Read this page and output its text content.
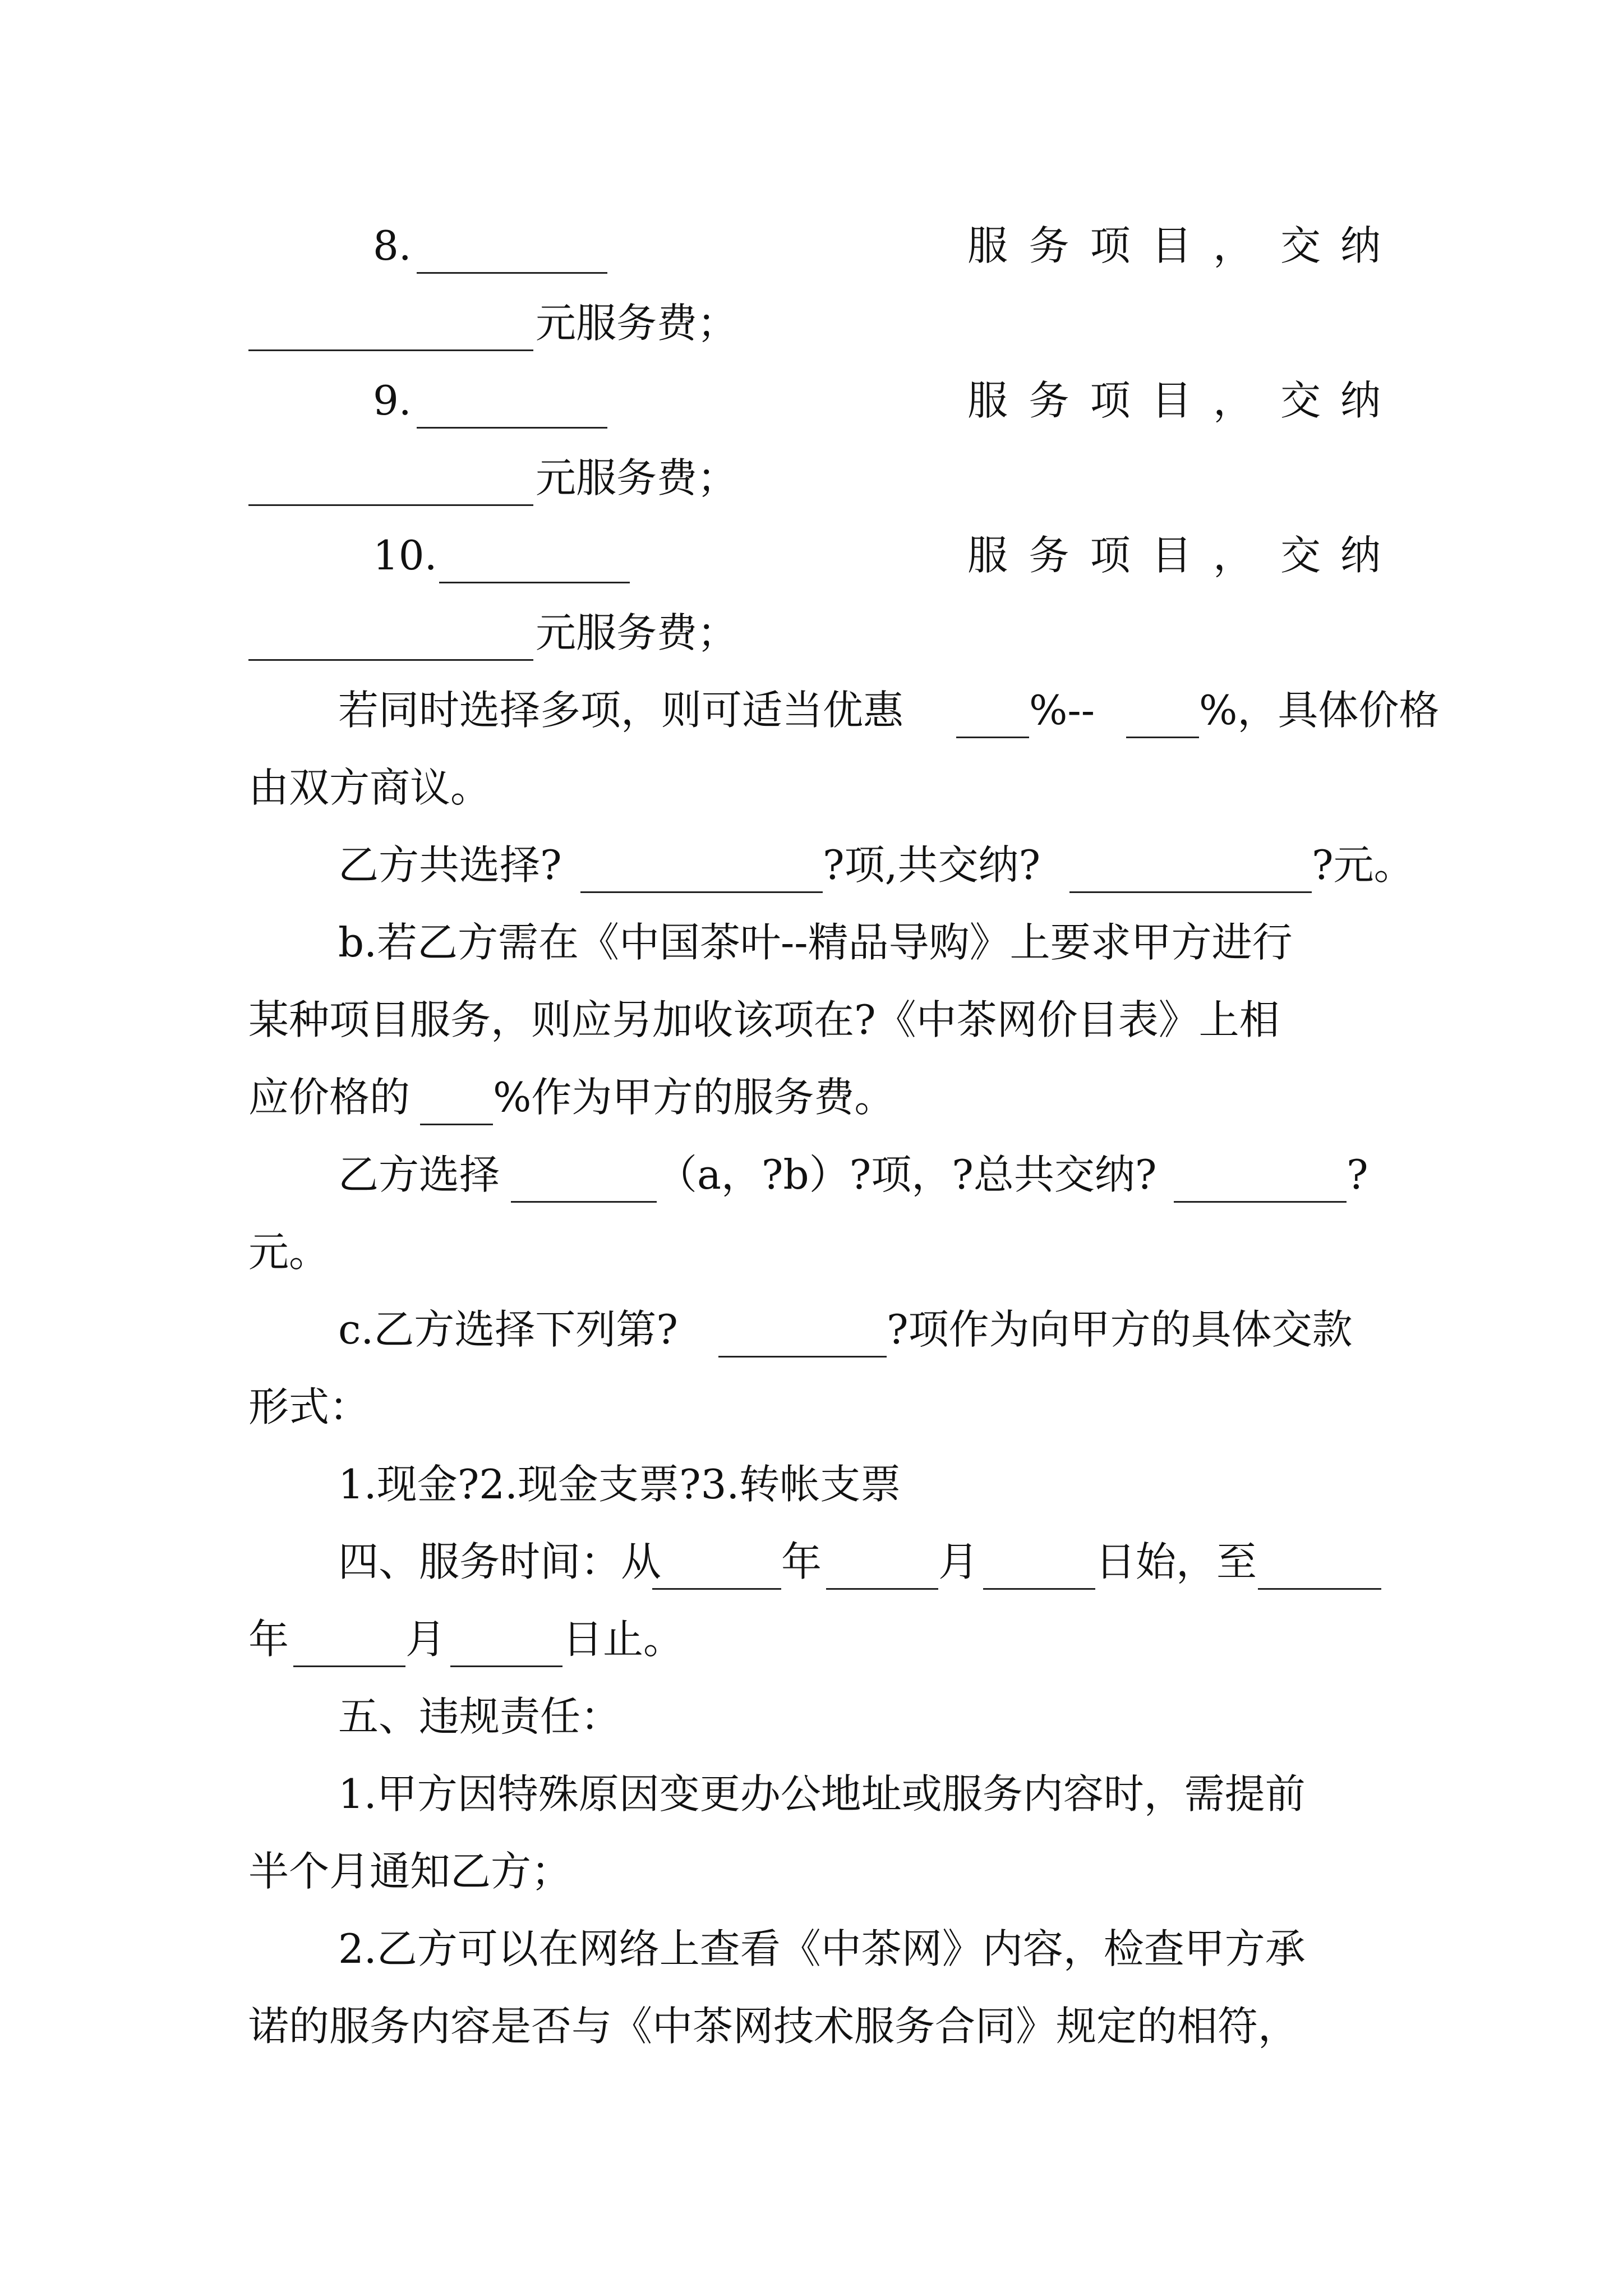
8.	服 务 项 目 ， 交纳
元服务费；
9.	服 务 项 目 ， 交纳
元服务费；
10.	服 务 项 目 ， 交纳
元服务费；
若同时选择多项，则可适当优惠	%--	%，具体价格
由双方商议。
乙方共选择?	?项,共交纳?	?元。
b.若乙方需在《中国茶叶--精品导购》上要求甲方进行
某种项目服务，则应另加收该项在?《中茶网价目表》上相
应价格的 %作为甲方的服务费。
乙方选择	（a，?b）?项，?总共交纳?	?
元。
c.乙方选择下列第?	?项作为向甲方的具体交款
形式：
1.现金?2.现金支票?3.转帐支票
四、服务时间：从	年	月	日始，至
年	月	日止。
五、违规责任：
1.甲方因特殊原因变更办公地址或服务内容时，需提前
半个月通知乙方；
2.乙方可以在网络上查看《中茶网》内容，检查甲方承
诺的服务内容是否与《中茶网技术服务合同》规定的相符，
